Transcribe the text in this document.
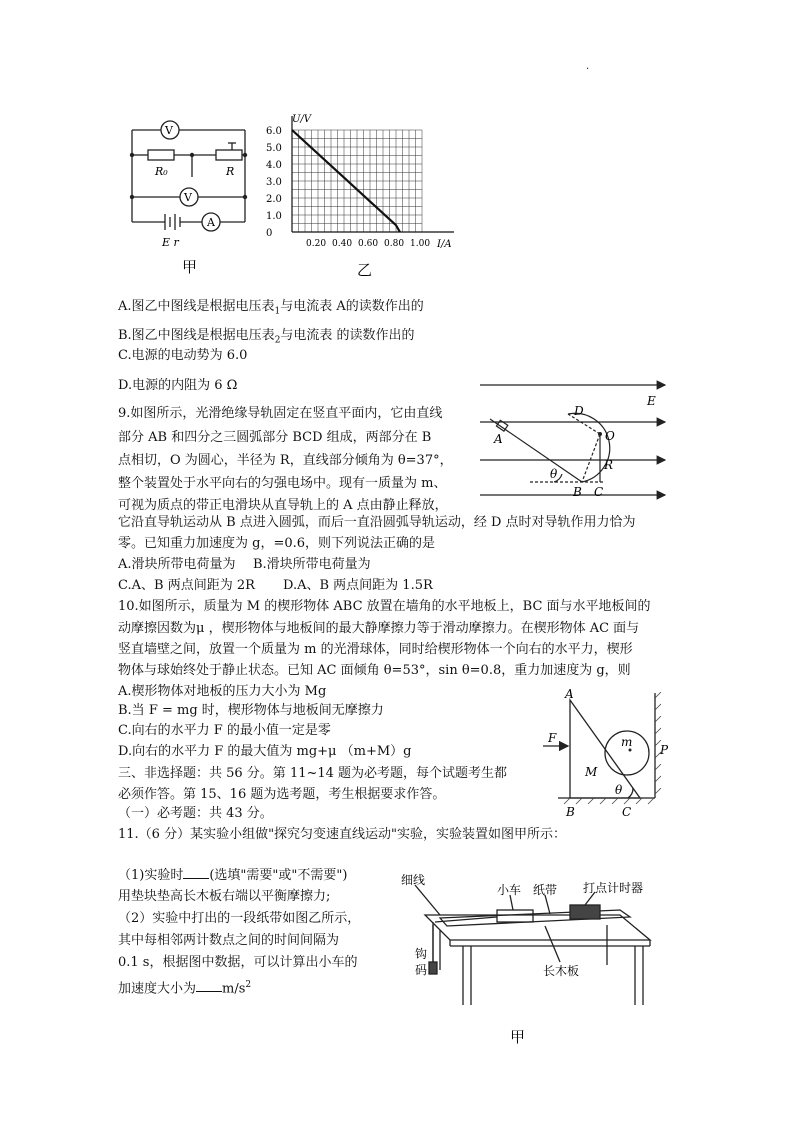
.
V
R₀	R
V
A
E r
甲
6.0
5.0
4.0
3.0
2.0
1.0
0
0.20 0.40 0.60 0.80 1.00
U/V
I/A
乙
A.图乙中图线是根据电压表$_1$与电流表 A的读数作出的
B.图乙中图线是根据电压表$_2$与电流表 的读数作出的
C.电源的电动势为 6.0
D.电源的内阻为 6 Ω
9.如图所示，光滑绝缘导轨固定在竖直平面内，它由直线
部分 AB 和四分之三圆弧部分 BCD 组成，两部分在 B
点相切，O 为圆心，半径为 R，直线部分倾角为 θ=37°，
整个装置处于水平向右的匀强电场中。现有一质量为 m、
可视为质点的带正电滑块从直导轨上的 A 点由静止释放，
它沿直导轨运动从 B 点进入圆弧，而后一直沿圆弧导轨运动，经 D 点时对导轨作用力恰为
零。已知重力加速度为 g，=0.6，则下列说法正确的是
A.滑块所带电荷量为 B.滑块所带电荷量为
C.A、B 两点间距为 2R D.A、B 两点间距为 1.5R
D
E
A	O
R
θ
B C
10.如图所示，质量为 M 的楔形物体 ABC 放置在墙角的水平地板上，BC 面与水平地板间的
动摩擦因数为μ ，楔形物体与地板间的最大静摩擦力等于滑动摩擦力。在楔形物体 AC 面与
竖直墙壁之间，放置一个质量为 m 的光滑球体，同时给楔形物体一个向右的水平力，楔形
物体与球始终处于静止状态。已知 AC 面倾角 θ=53°，sin θ=0.8，重力加速度为 g，则
A.楔形物体对地板的压力大小为 Mg
B.当 F = mg 时，楔形物体与地板间无摩擦力
C.向右的水平力 F 的最小值一定是零
D.向右的水平力 F 的最大值为 mg+μ （m+M）g
A
F	m
P
M
θ
B	C
三、非选择题：共 56 分。第 11~14 题为必考题，每个试题考生都
必须作答。第 15、16 题为选考题，考生根据要求作答。
（一）必考题：共 43 分。
11.（6 分）某实验小组做"探究匀变速直线运动"实验，实验装置如图甲所示：
（1)实验时 (选填"需要"或"不需要")
用垫块垫高长木板右端以平衡摩擦力;
（2）实验中打出的一段纸带如图乙所示，
其中每相邻两计数点之间的时间间隔为
0.1 s，根据图中数据，可以计算出小车的
加速度大小为 $m/s^2$
细线
小车 纸带 打点计时器
钩
码	长木板
甲
